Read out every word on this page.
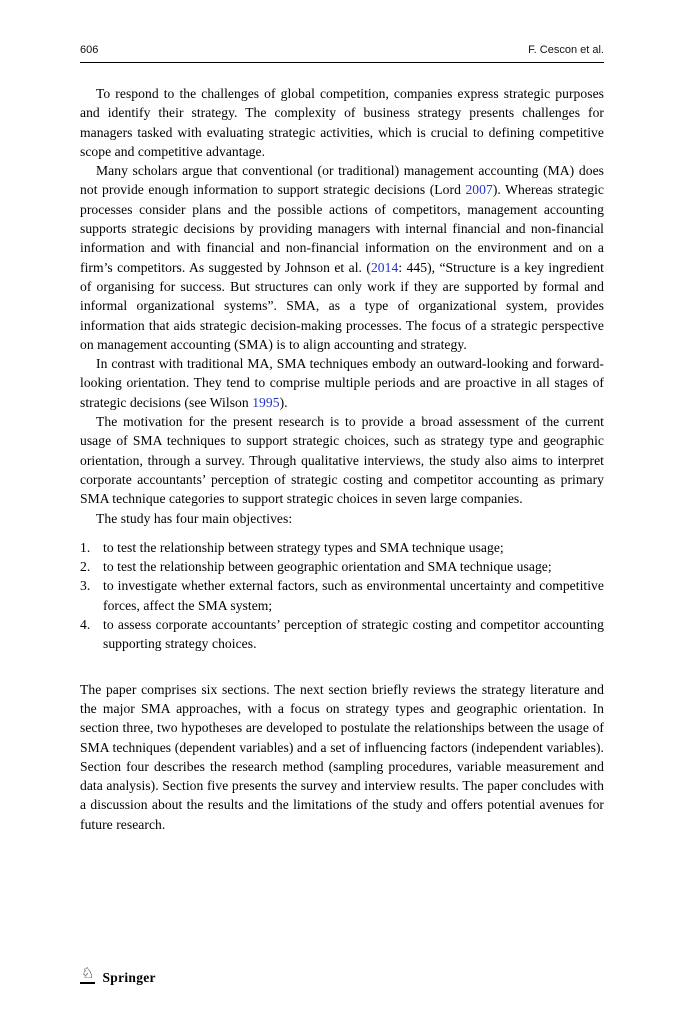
606	F. Cescon et al.

To respond to the challenges of global competition, companies express strategic purposes and identify their strategy. The complexity of business strategy presents challenges for managers tasked with evaluating strategic activities, which is crucial to defining competitive scope and competitive advantage.

Many scholars argue that conventional (or traditional) management accounting (MA) does not provide enough information to support strategic decisions (Lord 2007). Whereas strategic processes consider plans and the possible actions of competitors, management accounting supports strategic decisions by providing managers with internal financial and non-financial information and with financial and non-financial information on the environment and on a firm’s competitors. As suggested by Johnson et al. (2014: 445), “Structure is a key ingredient of organising for success. But structures can only work if they are supported by formal and informal organizational systems”. SMA, as a type of organizational system, provides information that aids strategic decision-making processes. The focus of a strategic perspective on management accounting (SMA) is to align accounting and strategy.

In contrast with traditional MA, SMA techniques embody an outward-looking and forward-looking orientation. They tend to comprise multiple periods and are proactive in all stages of strategic decisions (see Wilson 1995).

The motivation for the present research is to provide a broad assessment of the current usage of SMA techniques to support strategic choices, such as strategy type and geographic orientation, through a survey. Through qualitative interviews, the study also aims to interpret corporate accountants’ perception of strategic costing and competitor accounting as primary SMA technique categories to support strategic choices in seven large companies.

The study has four main objectives:

1. to test the relationship between strategy types and SMA technique usage;
2. to test the relationship between geographic orientation and SMA technique usage;
3. to investigate whether external factors, such as environmental uncertainty and competitive forces, affect the SMA system;
4. to assess corporate accountants’ perception of strategic costing and competitor accounting supporting strategy choices.

The paper comprises six sections. The next section briefly reviews the strategy literature and the major SMA approaches, with a focus on strategy types and geographic orientation. In section three, two hypotheses are developed to postulate the relationships between the usage of SMA techniques (dependent variables) and a set of influencing factors (independent variables). Section four describes the research method (sampling procedures, variable measurement and data analysis). Section five presents the survey and interview results. The paper concludes with a discussion about the results and the limitations of the study and offers potential avenues for future research.

♘ Springer
